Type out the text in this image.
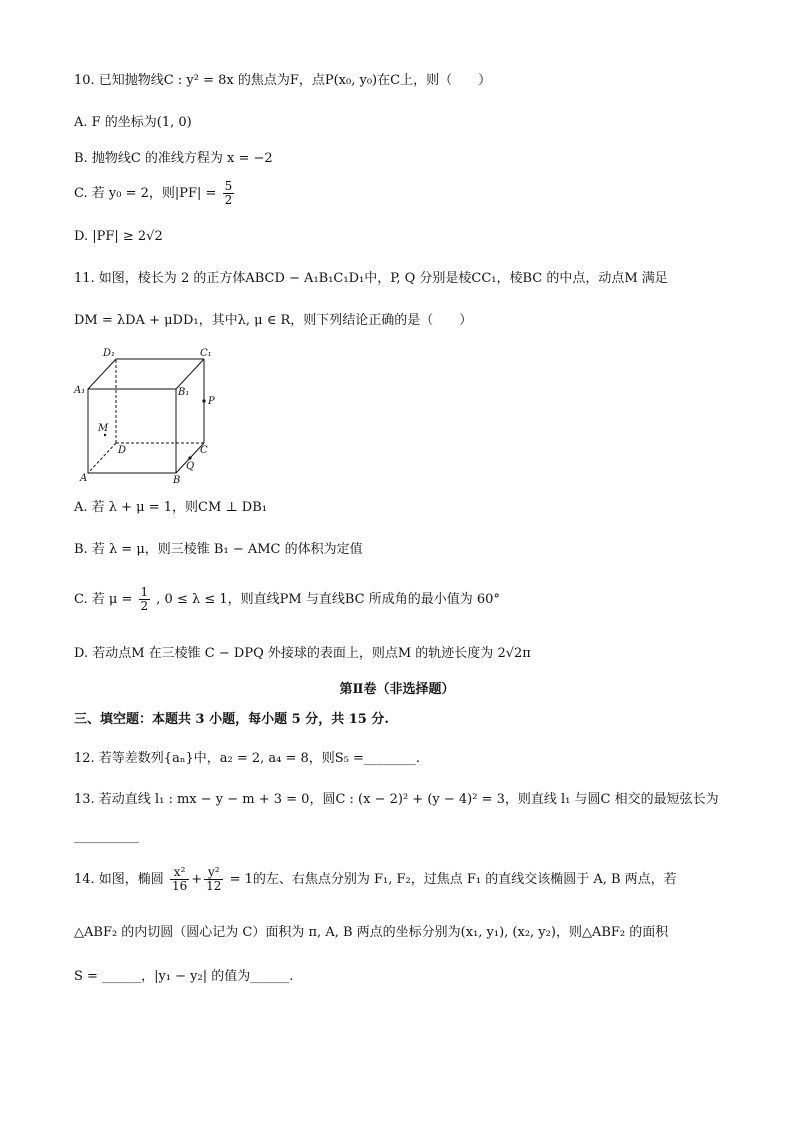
10. 已知抛物线C : y² = 8x 的焦点为F，点P(x₀, y₀)在C上，则（　　）
A. F 的坐标为(1, 0)
B. 抛物线C 的准线方程为 x = −2
C. 若 y₀ = 2，则$|PF| = \frac{5}{2}$
D. |PF| ≥ 2√2
11. 如图，棱长为 2 的正方体ABCD − A₁B₁C₁D₁中，P, Q 分别是棱CC₁，棱BC 的中点，动点M 满足
DM = λDA + μDD₁，其中λ, μ ∈ R，则下列结论正确的是（　　）
D₁	C₁
A₁	B₁
P
M
D	C
Q
A	B
A. 若 λ + μ = 1，则CM ⊥ DB₁
B. 若 λ = μ，则三棱锥 B₁ − AMC 的体积为定值
C. 若 $\mu = \frac{1}{2}$ , 0 ≤ λ ≤ 1，则直线PM 与直线BC 所成角的最小值为 60°
D. 若动点M 在三棱锥 C − DPQ 外接球的表面上，则点M 的轨迹长度为 2√2π
第Ⅱ卷（非选择题）
三、填空题：本题共 3 小题，每小题 5 分，共 15 分.
12. 若等差数列{aₙ}中，a₂ = 2, a₄ = 8，则S₅ =________.
13. 若动直线 l₁ : mx − y − m + 3 = 0，圆C : (x − 2)² + (y − 4)² = 3，则直线 l₁ 与圆C 相交的最短弦长为
__________
14. 如图，椭圆 $\frac{\text{x²}}{16} + \frac{\text{y²}}{12} = 1$的左、右焦点分别为 F₁, F₂，过焦点 F₁ 的直线交该椭圆于 A, B 两点，若
△ABF₂ 的内切圆（圆心记为 C）面积为 π, A, B 两点的坐标分别为(x₁, y₁), (x₂, y₂)，则△ABF₂ 的面积
S = ______，|y₁ − y₂| 的值为______.
